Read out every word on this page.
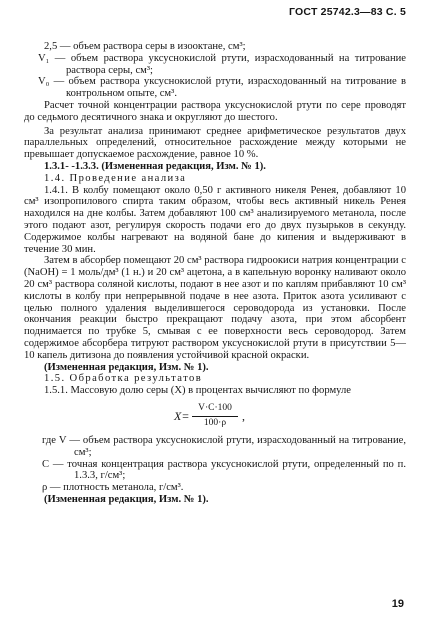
ГОСТ 25742.3—83 С. 5

2,5 — объем раствора серы в изооктане, см³;

V₁ — объем раствора уксуснокислой ртути, израсходованный на титрование раствора серы, см³;

V₀ — объем раствора уксуснокислой ртути, израсходованный на титрование в контрольном опыте, см³.

Расчет точной концентрации раствора уксуснокислой ртути по сере проводят до седьмого десятичного знака и округляют до шестого.

За результат анализа принимают среднее арифметическое результатов двух параллельных определений, относительное расхождение между которыми не превышает допускаемое расхождение, равное 10 %.

1.3.1- -1.3.3. (Измененная редакция, Изм. № 1).

1.4. Проведение анализа

1.4.1. В колбу помещают около 0,50 г активного никеля Ренея, добавляют 10 см³ изопропилового спирта таким образом, чтобы весь активный никель Ренея находился на дне колбы. Затем добавляют 100 см³ анализируемого метанола, после этого подают азот, регулируя скорость подачи его до двух пузырьков в секунду. Содержимое колбы нагревают на водяной бане до кипения и выдерживают в течение 30 мин.

Затем в абсорбер помещают 20 см³ раствора гидроокиси натрия концентрации с (NaOH) = 1 моль/дм³ (1 н.) и 20 см³ ацетона, а в капельную воронку наливают около 20 см³ раствора соляной кислоты, подают в нее азот и по каплям прибавляют 10 см³ кислоты в колбу при непрерывной подаче в нее азота. Приток азота усиливают с целью полного удаления выделившегося сероводорода из установки. После окончания реакции быстро прекращают подачу азота, при этом абсорбент поднимается по трубке 5, смывая с ее поверхности весь сероводород. Затем содержимое абсорбера титруют раствором уксуснокислой ртути в присутствии 5—10 капель дитизона до появления устойчивой красной окраски.

(Измененная редакция, Изм. № 1).

1.5. Обработка результатов

1.5.1. Массовую долю серы (X) в процентах вычисляют по формуле

$X= \frac{V\cdot C\cdot 100}{100\cdot\rho}$ ,

где V — объем раствора уксуснокислой ртути, израсходованный на титрование, см³;

C — точная концентрация раствора уксуснокислой ртути, определенный по п. 1.3.3, г/см³;

ρ — плотность метанола, г/см³.

(Измененная редакция, Изм. № 1).

19
